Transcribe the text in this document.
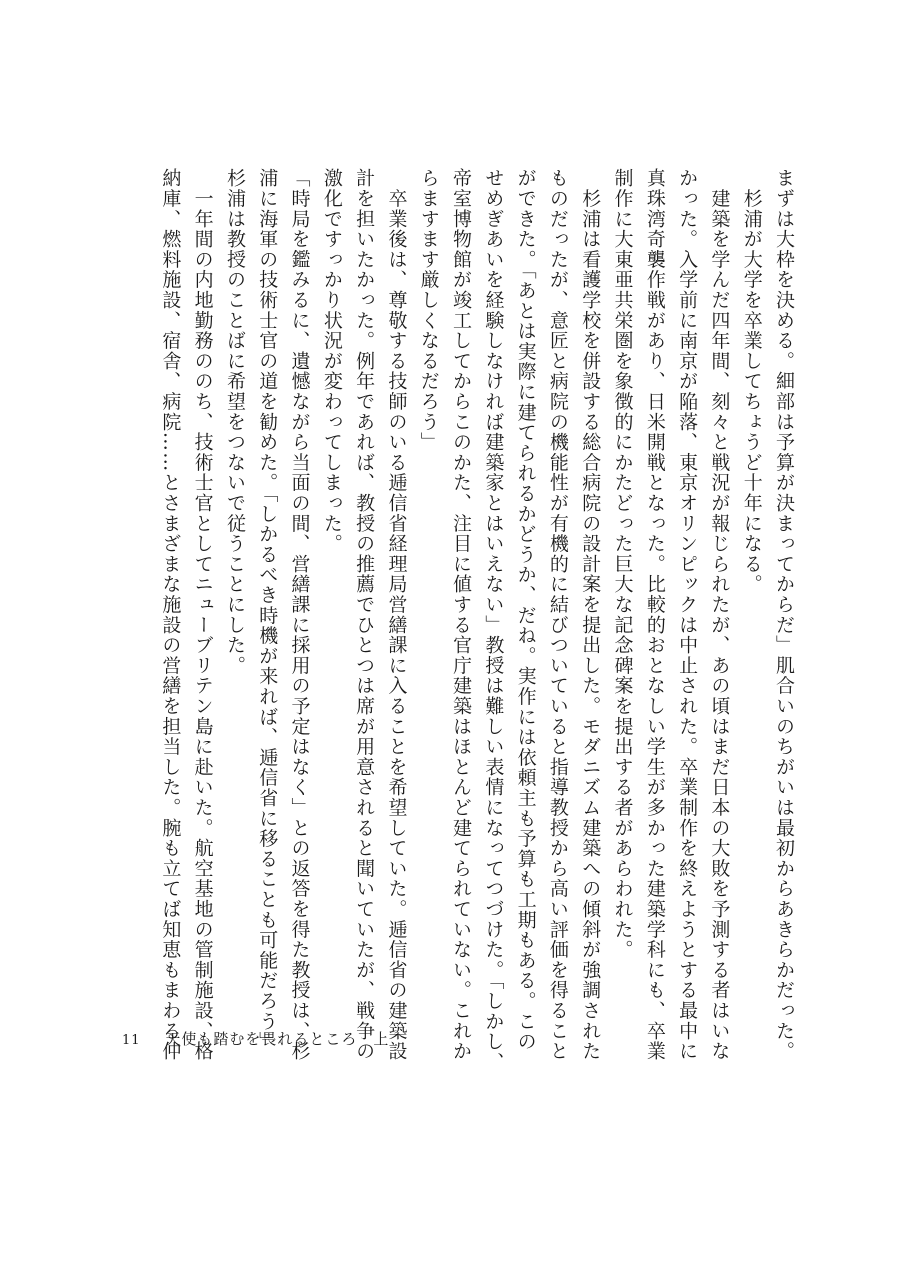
まずは大枠を決める。細部は予算が決まってからだ」肌合いのちがいは最初からあきらかだった。
　杉浦が大学を卒業してちょうど十年になる。
　建築を学んだ四年間、刻々と戦況が報じられたが、あの頃はまだ日本の大敗を予測する者はいな
かった。入学前に南京が陥落、東京オリンピックは中止された。卒業制作を終えようとする最中に
真珠湾奇襲作戦があり、日米開戦となった。比較的おとなしい学生が多かった建築学科にも、卒業
制作に大東亜共栄圏を象徴的にかたどった巨大な記念碑案を提出する者があらわれた。
　杉浦は看護学校を併設する総合病院の設計案を提出した。モダニズム建築への傾斜が強調された
ものだったが、意匠と病院の機能性が有機的に結びついていると指導教授から高い評価を得ること
ができた。「あとは実際に建てられるかどうか、だね。実作には依頼主も予算も工期もある。この
せめぎあいを経験しなければ建築家とはいえない」教授は難しい表情になってつづけた。「しかし、
帝室博物館が竣工してからこのかた、注目に値する官庁建築はほとんど建てられていない。これか
らますます厳しくなるだろう」
　卒業後は、尊敬する技師のいる逓信省経理局営繕課に入ることを希望していた。逓信省の建築設
計を担いたかった。例年であれば、教授の推薦でひとつは席が用意されると聞いていたが、戦争の
激化ですっかり状況が変わってしまった。
「時局を鑑みるに、遺憾ながら当面の間、営繕課に採用の予定はなく」との返答を得た教授は、杉
浦に海軍の技術士官の道を勧めた。「しかるべき時機が来れば、逓信省に移ることも可能だろう」
杉浦は教授のことばに希望をつないで従うことにした。
　一年間の内地勤務ののち、技術士官としてニューブリテン島に赴いた。航空基地の管制施設、格
納庫、燃料施設、宿舎、病院……とさまざまな施設の営繕を担当した。腕も立てば知恵もまわる仲
11 天使も踏むを畏れるところ　上
